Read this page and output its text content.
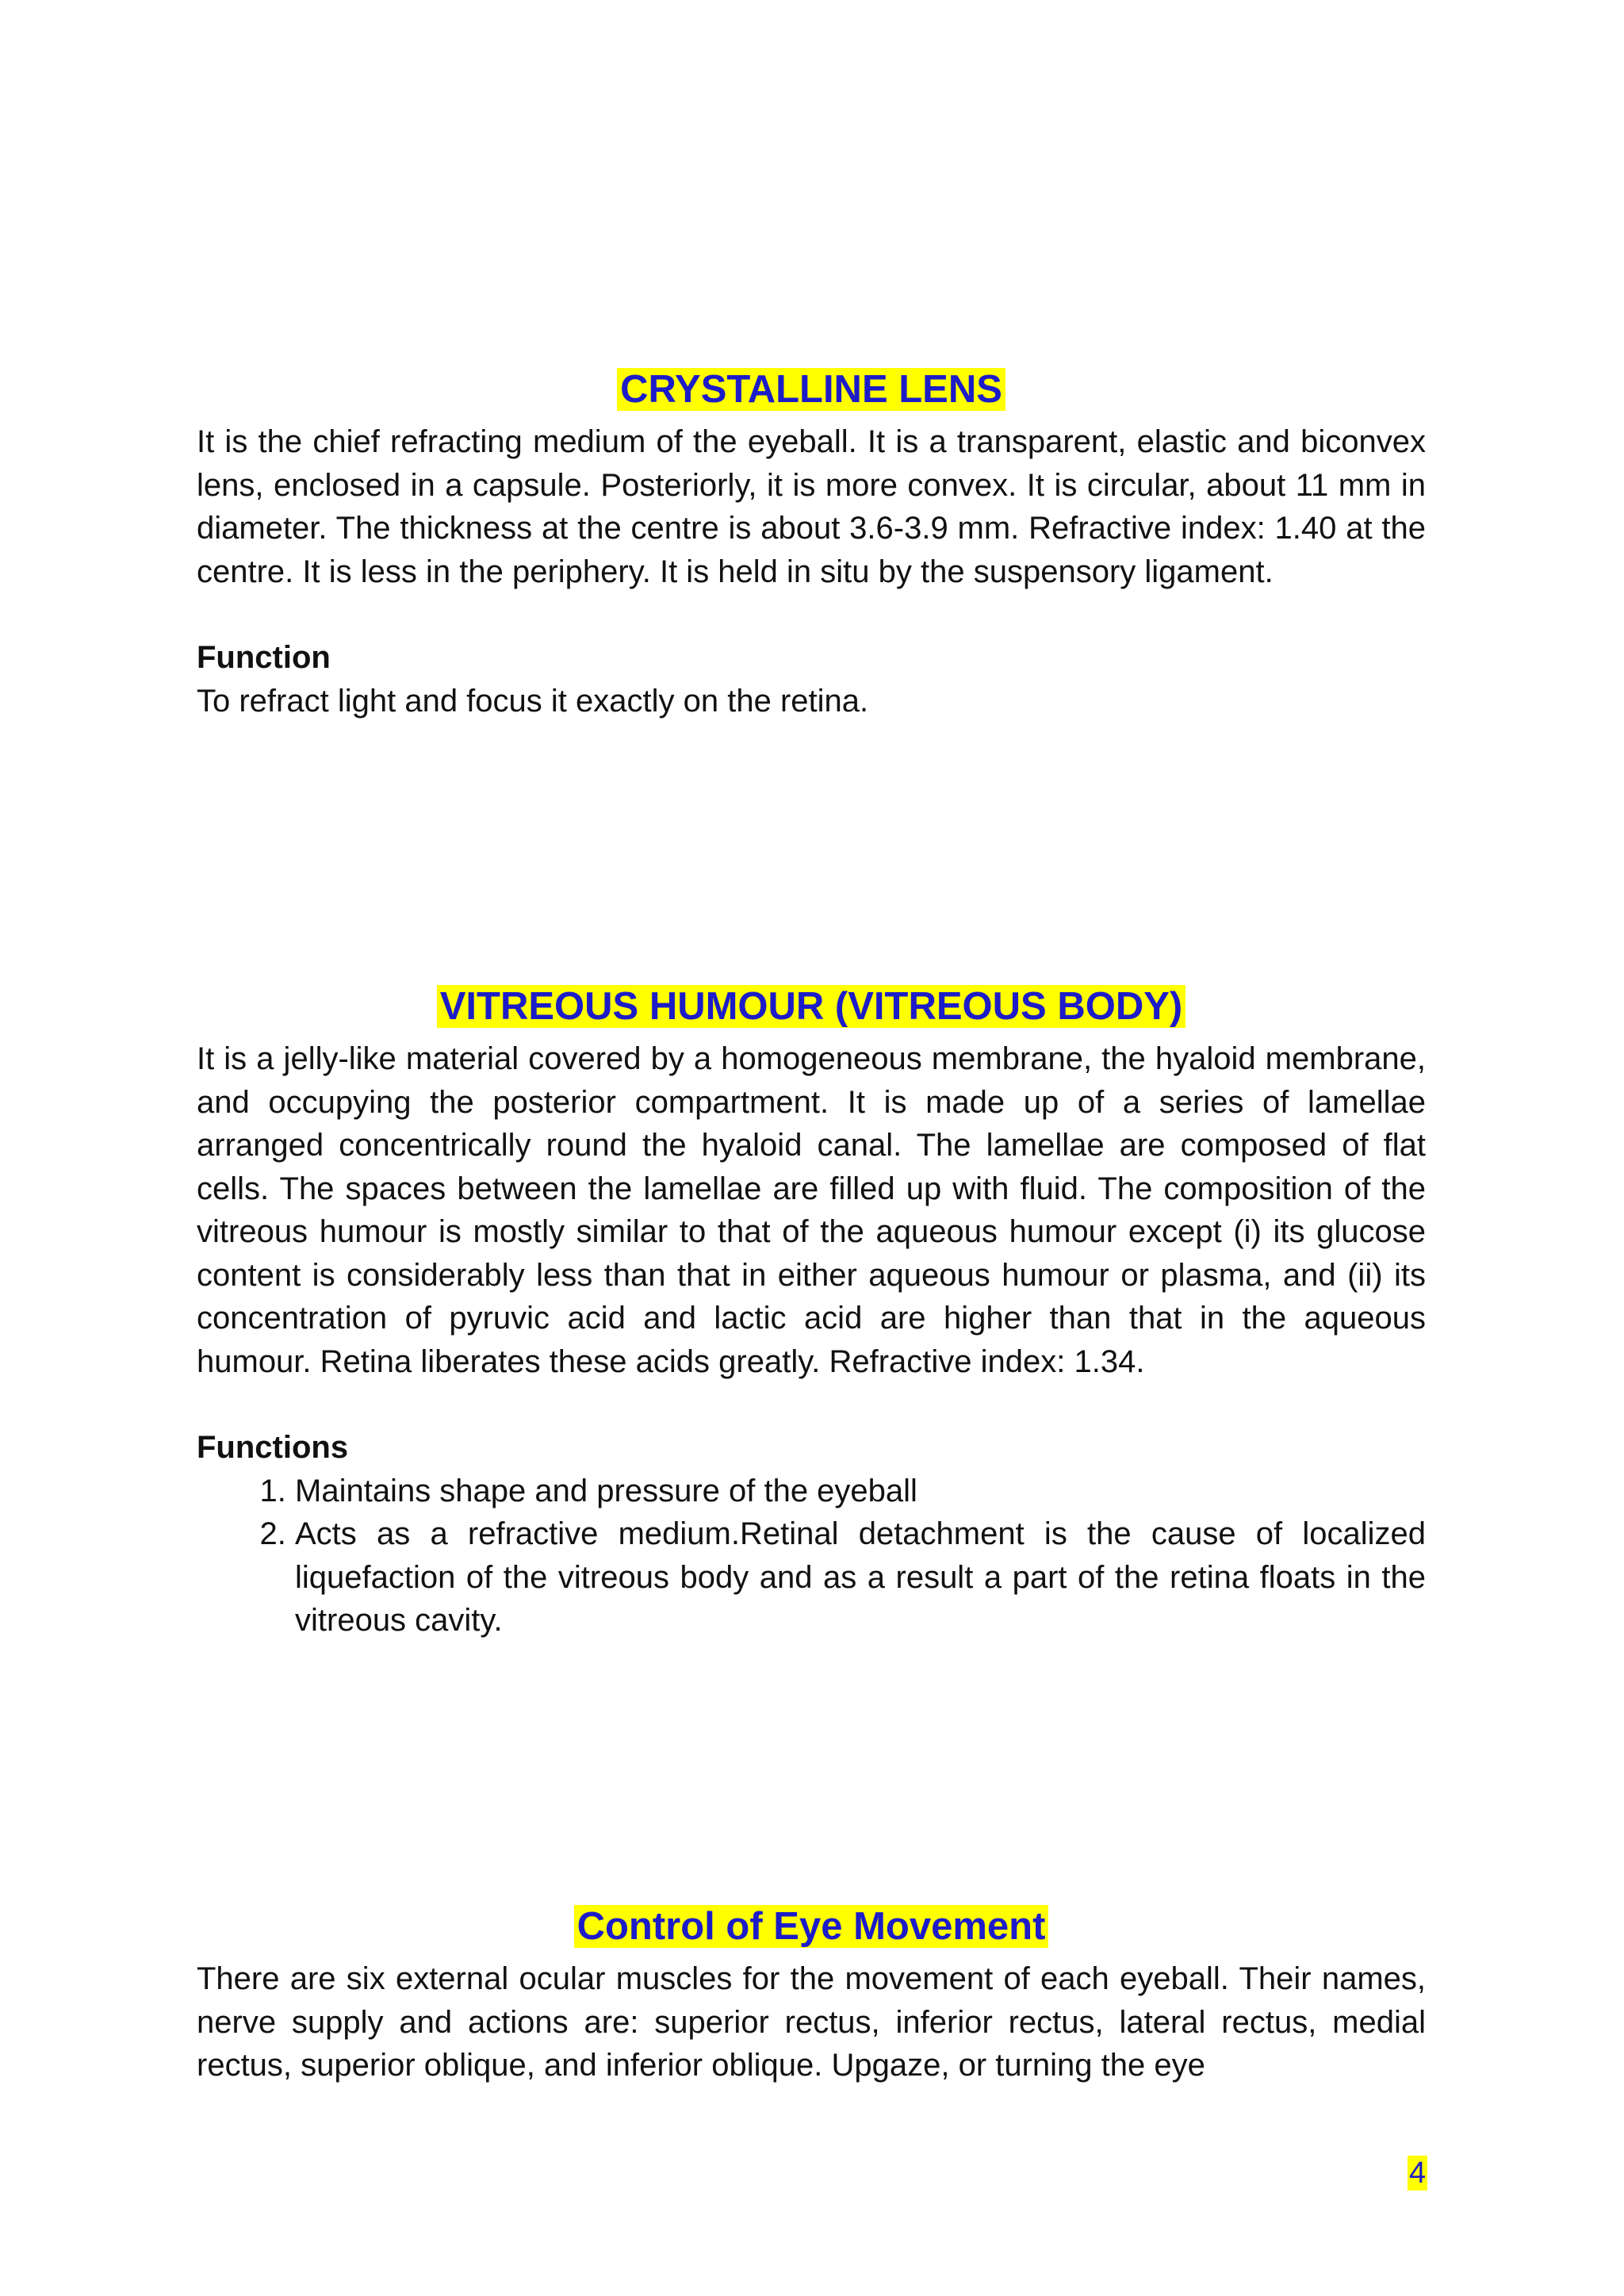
CRYSTALLINE LENS

It is the chief refracting medium of the eyeball. It is a transparent, elastic and biconvex lens, enclosed in a capsule. Posteriorly, it is more convex. It is circular, about 11 mm in diameter. The thickness at the centre is about 3.6-3.9 mm. Refractive index: 1.40 at the centre. It is less in the periphery. It is held in situ by the suspensory ligament.

Function

To refract light and focus it exactly on the retina.

VITREOUS HUMOUR (VITREOUS BODY)

It is a jelly-like material covered by a homogeneous membrane, the hyaloid membrane, and occupying the posterior compartment. It is made up of a series of lamellae arranged concentrically round the hyaloid canal. The lamellae are composed of flat cells. The spaces between the lamellae are filled up with fluid. The composition of the vitreous humour is mostly similar to that of the aqueous humour except (i) its glucose content is considerably less than that in either aqueous humour or plasma, and (ii) its concentration of pyruvic acid and lactic acid are higher than that in the aqueous humour. Retina liberates these acids greatly. Refractive index: 1.34.

Functions

1. Maintains shape and pressure of the eyeball
2. Acts as a refractive medium.Retinal detachment is the cause of localized liquefaction of the vitreous body and as a result a part of the retina floats in the vitreous cavity.
Control of Eye Movement

There are six external ocular muscles for the movement of each eyeball. Their names, nerve supply and actions are: superior rectus, inferior rectus, lateral rectus, medial rectus, superior oblique, and inferior oblique. Upgaze, or turning the eye

4
